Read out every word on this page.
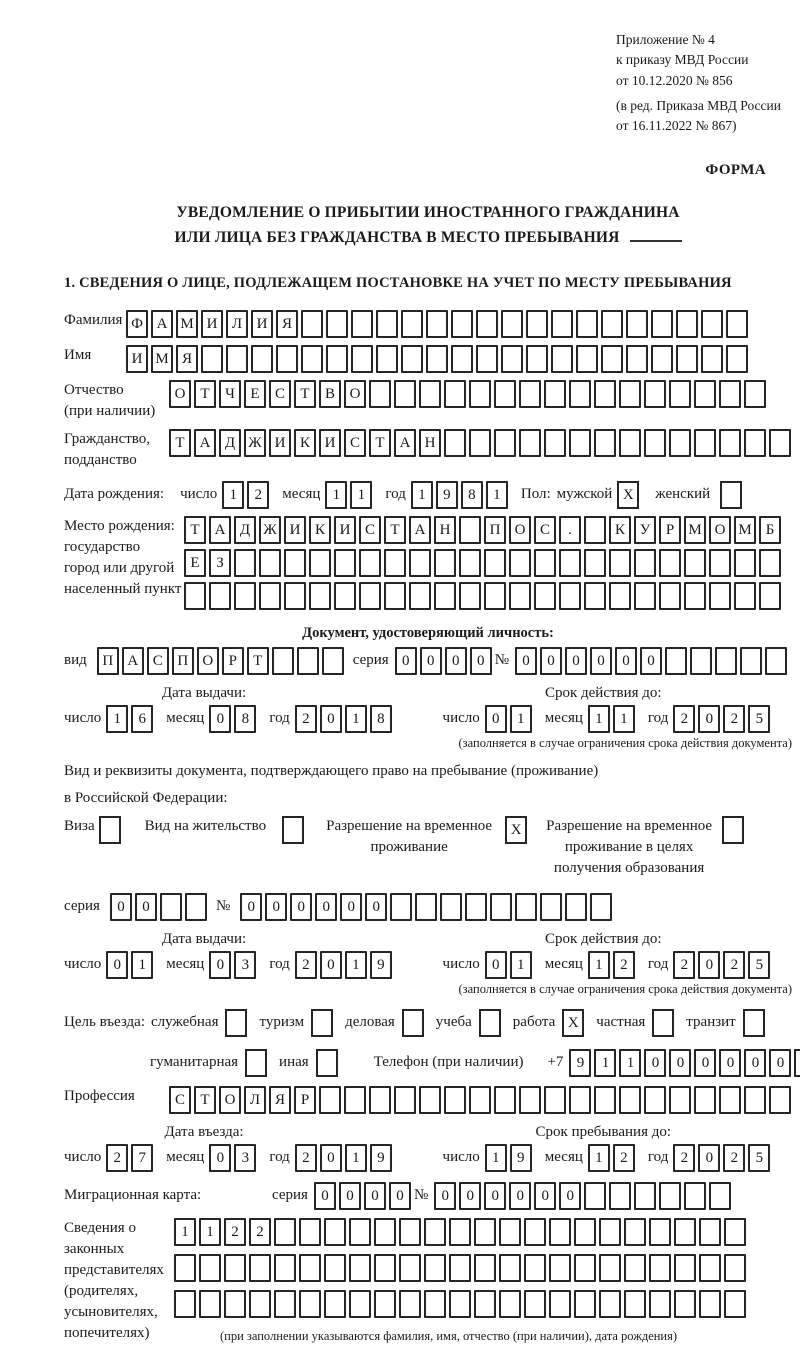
Приложение № 4
к приказу МВД России
от 10.12.2020 № 856
(в ред. Приказа МВД России
от 16.11.2022 № 867)
ФОРМА
УВЕДОМЛЕНИЕ О ПРИБЫТИИ ИНОСТРАННОГО ГРАЖДАНИНА
ИЛИ ЛИЦА БЕЗ ГРАЖДАНСТВА В МЕСТО ПРЕБЫВАНИЯ
1. СВЕДЕНИЯ О ЛИЦЕ, ПОДЛЕЖАЩЕМ ПОСТАНОВКЕ НА УЧЕТ ПО МЕСТУ ПРЕБЫВАНИЯ
Фамилия Ф А М И Л И Я
Имя	И М Я
Отчество
(при наличии)
О Т	Ч	Е	С	Т	В О
Гражданство,
подданство
Т	А Д Ж И К И С	Т	А Н
Дата рождения: число 1	2	месяц 1	1	год 1	9	8	1	Пол: мужской X	женский
Место рождения:
государство
город или другой
населенный пункт
Т	А Д Ж И К И С	Т	А Н	П О С	.	К У	Р М О М Б

Е	З

Документ, удостоверяющий личность:
вид	П А С П О	Р	Т	серия 0	0	0	0 № 0	0	0	0	0	0
Дата выдачи:
число 1	6	месяц 0	8	год 2	0	1	8
Срок действия до:
число 0	1	месяц 1	1	год 2	0	2	5
(заполняется в случае ограничения срока действия документа)
Вид и реквизиты документа, подтверждающего право на пребывание (проживание)
в Российской Федерации:
Виза	Вид на жительство	Разрешение на временное проживание
X	Разрешение на временное проживание в целях получения образования
серия	0	0	№	0	0	0	0	0	0
Дата выдачи:
число 0	1	месяц 0	3	год 2	0	1	9
Срок действия до:
число 0	1	месяц 1	2	год 2	0	2	5
(заполняется в случае ограничения срока действия документа)
Цель въезда: служебная	туризм	деловая	учеба	работа X	частная	транзит
гуманитарная	иная	Телефон (при наличии) +7 9	1	1	0	0	0	0	0	0
Профессия	С	Т	О Л Я	Р
Дата въезда:
число 2	7	месяц 0	3	год 2	0	1	9
Срок пребывания до:
число 1	9	месяц 1	2	год 2	0	2	5
Миграционная карта:	серия 0	0	0	0 № 0	0	0	0	0	0
Сведения о
законных
представителях
(родителях,
усыновителях,
попечителях)
1	1	2	2

(при заполнении указываются фамилия, имя, отчество (при наличии), дата рождения)
